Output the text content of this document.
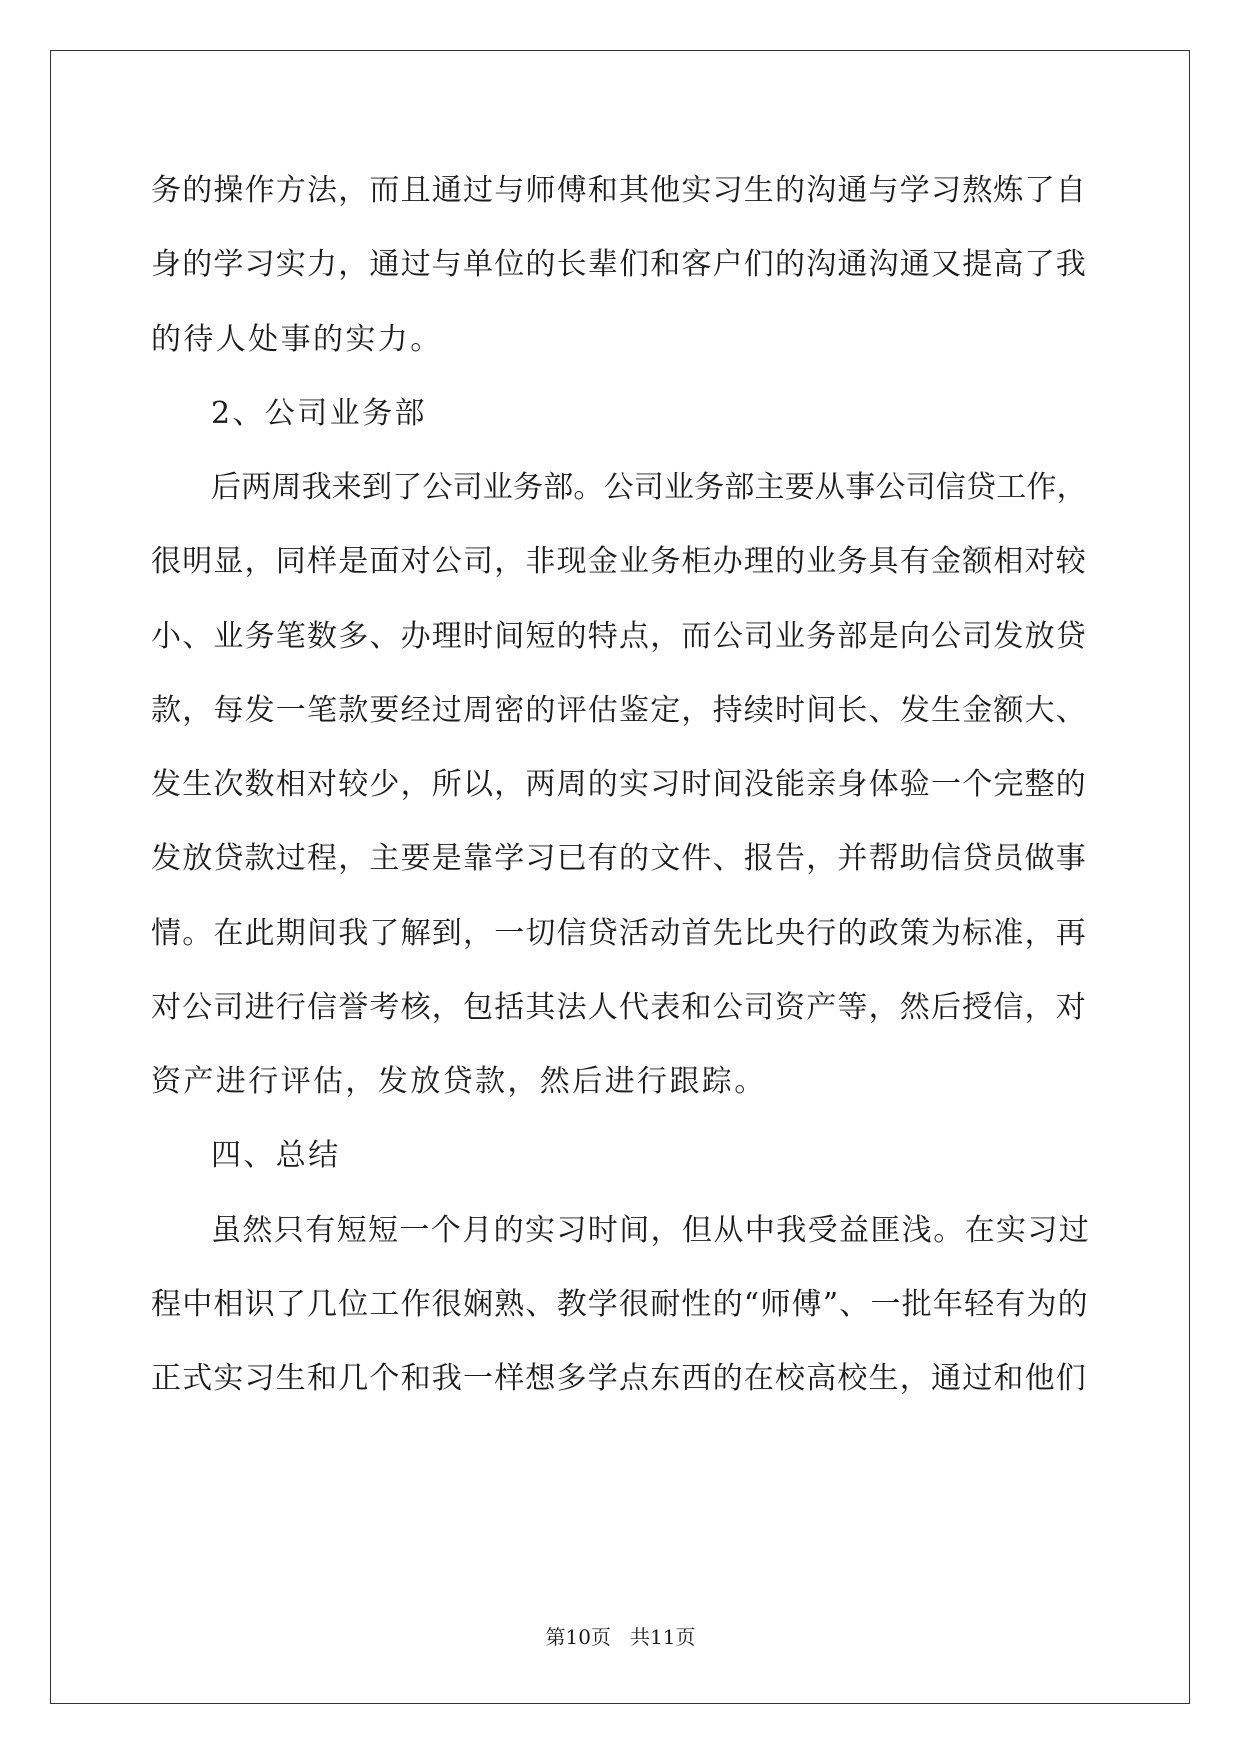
务的操作方法，而且通过与师傅和其他实习生的沟通与学习熬炼了自
身的学习实力，通过与单位的长辈们和客户们的沟通沟通又提高了我
的待人处事的实力。
2、公司业务部
后两周我来到了公司业务部。公司业务部主要从事公司信贷工作，
很明显，同样是面对公司，非现金业务柜办理的业务具有金额相对较
小、业务笔数多、办理时间短的特点，而公司业务部是向公司发放贷
款，每发一笔款要经过周密的评估鉴定，持续时间长、发生金额大、
发生次数相对较少，所以，两周的实习时间没能亲身体验一个完整的
发放贷款过程，主要是靠学习已有的文件、报告，并帮助信贷员做事
情。在此期间我了解到，一切信贷活动首先比央行的政策为标准，再
对公司进行信誉考核，包括其法人代表和公司资产等，然后授信，对
资产进行评估，发放贷款，然后进行跟踪。
四、总结
虽然只有短短一个月的实习时间，但从中我受益匪浅。在实习过
程中相识了几位工作很娴熟、教学很耐性的“师傅”、一批年轻有为的
正式实习生和几个和我一样想多学点东西的在校高校生，通过和他们
第10页   共11页
